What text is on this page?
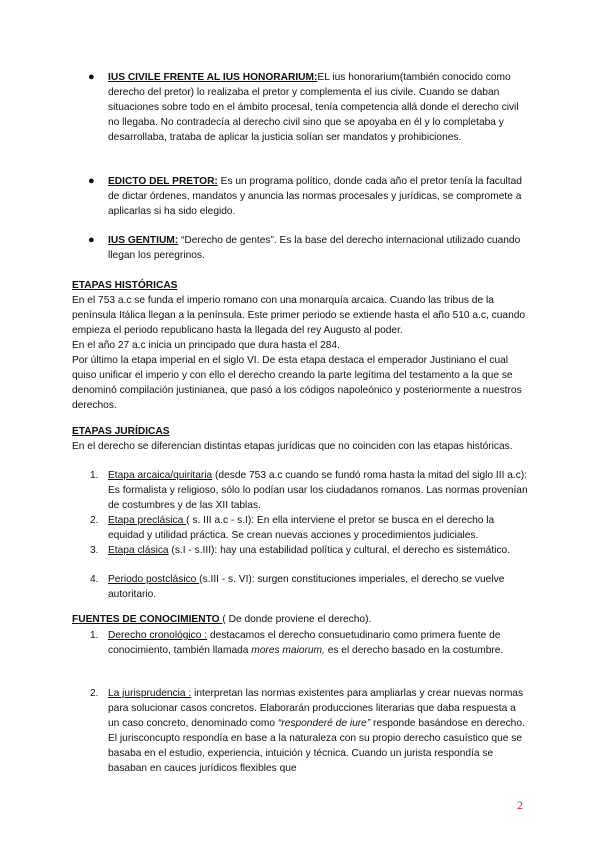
● IUS CIVILE FRENTE AL IUS HONORARIUM:EL ius honorarium(también conocido como derecho del pretor) lo realizaba el pretor y complementa el ius civile. Cuando se daban situaciones sobre todo en el ámbito procesal, tenía competencia allá donde el derecho civil no llegaba. No contradecía al derecho civil sino que se apoyaba en él y lo completaba y desarrollaba, trataba de aplicar la justicia solían ser mandatos y prohibiciones.
● EDICTO DEL PRETOR: Es un programa político, donde cada año el pretor tenía la facultad de dictar órdenes, mandatos y anuncia las normas procesales y jurídicas, se compromete a aplicarlas si ha sido elegido.
● IUS GENTIUM: “Derecho de gentes”. Es la base del derecho internacional utilizado cuando llegan los peregrinos.
ETAPAS HISTÓRICAS
En el 753 a.c se funda el imperio romano con una monarquía arcaica. Cuando las tribus de la península Itálica llegan a la península. Este primer periodo se extiende hasta el año 510 a.c, cuando empieza el periodo republicano hasta la llegada del rey Augusto al poder.
En el año 27 a.c inicia un principado que dura hasta el 284.
Por último la etapa imperial en el siglo VI. De esta etapa destaca el emperador Justiniano el cual quiso unificar el imperio y con ello el derecho creando la parte legítima del testamento a la que se denominó compilación justinianea, que pasó a los códigos napoleónico y posteriormente a nuestros derechos.
ETAPAS JURÍDICAS
En el derecho se diferencian distintas etapas jurídicas que no coinciden con las etapas históricas.
1. Etapa arcaica/quiritaria (desde 753 a.c cuando se fundó roma hasta la mitad del siglo III a.c): Es formalista y religioso, sólo lo podían usar los ciudadanos romanos. Las normas provenían de costumbres y de las XII tablas.
2. Etapa preclásica ( s. III a.c - s.I): En ella interviene el pretor se busca en el derecho la equidad y utilidad práctica. Se crean nuevas acciones y procedimientos judiciales.
3. Etapa clásica (s.I - s.III): hay una estabilidad política y cultural, el derecho es sistemático.
4. Periodo postclásico (s.III - s. VI): surgen constituciones imperiales, el derecho se vuelve autoritario.
FUENTES DE CONOCIMIENTO ( De donde proviene el derecho).
1. Derecho cronológico : destacamos el derecho consuetudinario como primera fuente de conocimiento, también llamada mores maiorum, es el derecho basado en la costumbre.
2. La jurisprudencia : interpretan las normas existentes para ampliarlas y crear nuevas normas para solucionar casos concretos. Elaborarán producciones literarias que daba respuesta a un caso concreto, denominado como “responderé de iure” responde basándose en derecho. El jurisconcupto respondía en base a la naturaleza con su propio derecho casuístico que se basaba en el estudio, experiencia, intuición y técnica. Cuando un jurista respondía se basaban en cauces jurídicos flexibles que
2
